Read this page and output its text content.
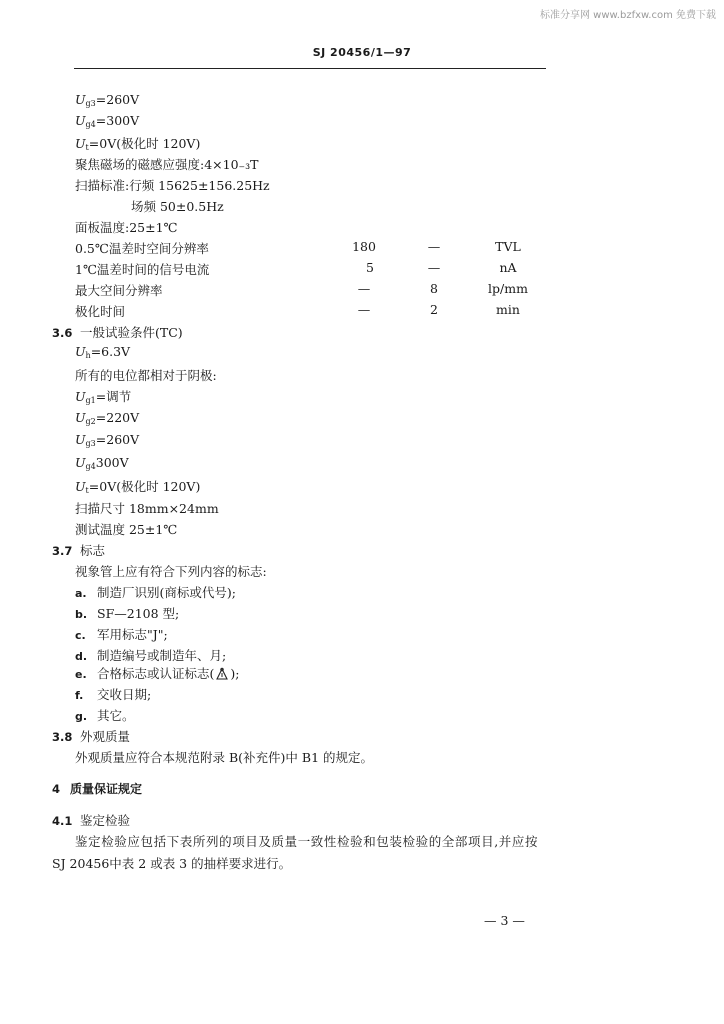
标准分享网 www.bzfxw.com 免费下载
SJ 20456/1—97
$U_{g3}=260V$
$U_{g4}=300V$
$U_t=0V$(极化时 120V)
聚焦磁场的磁感应强度:4×10₋₃T
扫描标准:行频 15625±156.25Hz
场频 50±0.5Hz
面板温度:25±1℃
0.5℃温差时空间分辨率	180	—	TVL
1℃温差时间的信号电流	5	—	nA
最大空间分辨率	—	8	lp/mm
极化时间	—	2	min
3.6 一般试验条件(TC)
$U_h=6.3V$
所有的电位都相对于阴极:
$U_{g1}=$调节
$U_{g2}=220V$
$U_{g3}=260V$
$U_{g4}300V$
$U_t=0V$(极化时 120V)
扫描尺寸 18mm×24mm
测试温度 25±1℃
3.7 标志
视象管上应有符合下列内容的标志:
a. 制造厂识别(商标或代号);
b. SF—2108 型;
c. 军用标志"J";
d. 制造编号或制造年、月;
e. 合格标志或认证标志( );
f. 交收日期;
g. 其它。
3.8 外观质量
外观质量应符合本规范附录 B(补充件)中 B1 的规定。
4 质量保证规定
4.1 鉴定检验
鉴定检验应包括下表所列的项目及质量一致性检验和包装检验的全部项目,并应按
SJ 20456中表 2 或表 3 的抽样要求进行。
— 3 —
